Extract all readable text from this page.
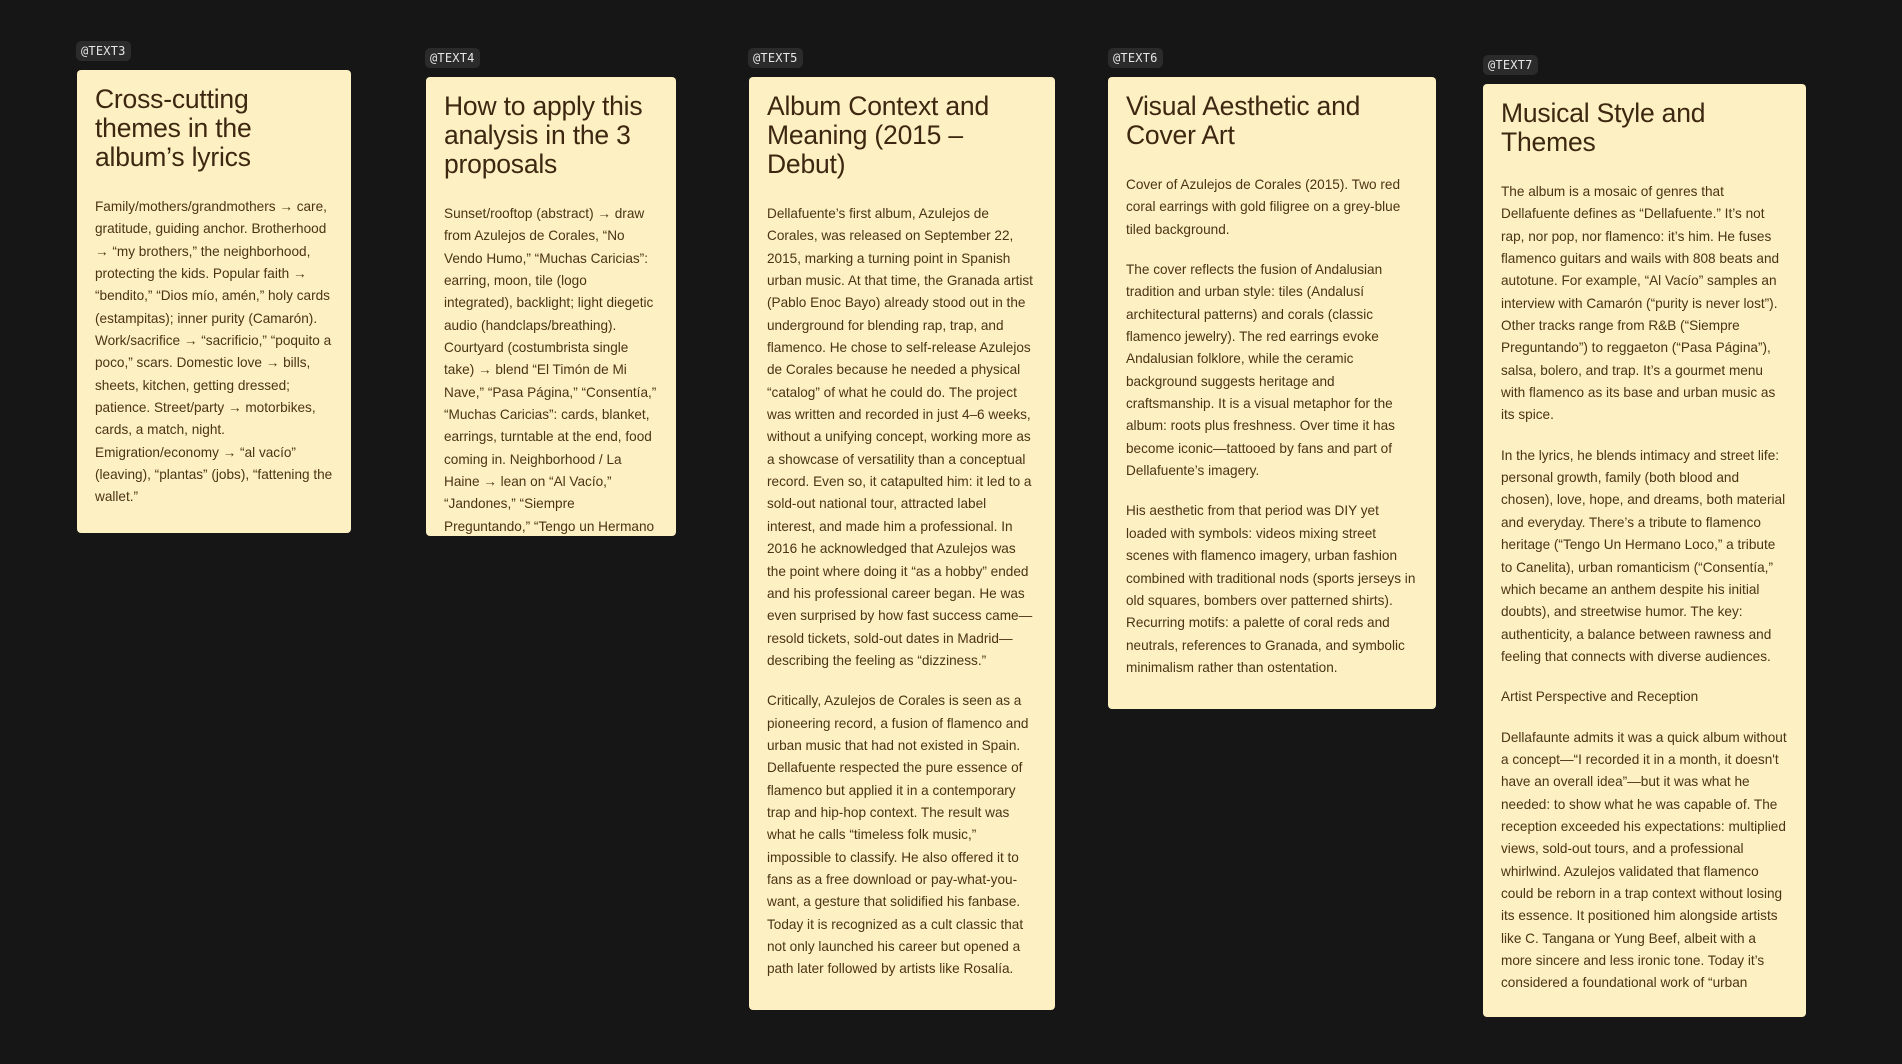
@TEXT3
Cross-cutting themes in the album’s lyrics

Family/mothers/grandmothers → care, gratitude, guiding anchor. Brotherhood → “my brothers,” the neighborhood, protecting the kids. Popular faith → “bendito,” “Dios mío, amén,” holy cards (estampitas); inner purity (Camarón). Work/sacrifice → “sacrificio,” “poquito a poco,” scars. Domestic love → bills, sheets, kitchen, getting dressed; patience. Street/party → motorbikes, cards, a match, night. Emigration/economy → “al vacío” (leaving), “plantas” (jobs), “fattening the wallet.”

@TEXT4
How to apply this analysis in the 3 proposals

Sunset/rooftop (abstract) → draw from Azulejos de Corales, “No Vendo Humo,” “Muchas Caricias”: earring, moon, tile (logo integrated), backlight; light diegetic audio (handclaps/breathing). Courtyard (costumbrista single take) → blend “El Timón de Mi Nave,” “Pasa Página,” “Consentía,” “Muchas Caricias”: cards, blanket, earrings, turntable at the end, food coming in. Neighborhood / La Haine → lean on “Al Vacío,” “Jandones,” “Siempre Preguntando,” “Tengo un Hermano

@TEXT5
Album Context and Meaning (2015 – Debut)

Dellafuente’s first album, Azulejos de Corales, was released on September 22, 2015, marking a turning point in Spanish urban music. At that time, the Granada artist (Pablo Enoc Bayo) already stood out in the underground for blending rap, trap, and flamenco. He chose to self-release Azulejos de Corales because he needed a physical “catalog” of what he could do. The project was written and recorded in just 4–6 weeks, without a unifying concept, working more as a showcase of versatility than a conceptual record. Even so, it catapulted him: it led to a sold-out national tour, attracted label interest, and made him a professional. In 2016 he acknowledged that Azulejos was the point where doing it “as a hobby” ended and his professional career began. He was even surprised by how fast success came—resold tickets, sold-out dates in Madrid—describing the feeling as “dizziness.”

Critically, Azulejos de Corales is seen as a pioneering record, a fusion of flamenco and urban music that had not existed in Spain. Dellafuente respected the pure essence of flamenco but applied it in a contemporary trap and hip-hop context. The result was what he calls “timeless folk music,” impossible to classify. He also offered it to fans as a free download or pay-what-you-want, a gesture that solidified his fanbase. Today it is recognized as a cult classic that not only launched his career but opened a path later followed by artists like Rosalía.

@TEXT6
Visual Aesthetic and Cover Art

Cover of Azulejos de Corales (2015). Two red coral earrings with gold filigree on a grey-blue tiled background.

The cover reflects the fusion of Andalusian tradition and urban style: tiles (Andalusí architectural patterns) and corals (classic flamenco jewelry). The red earrings evoke Andalusian folklore, while the ceramic background suggests heritage and craftsmanship. It is a visual metaphor for the album: roots plus freshness. Over time it has become iconic—tattooed by fans and part of Dellafuente’s imagery.

His aesthetic from that period was DIY yet loaded with symbols: videos mixing street scenes with flamenco imagery, urban fashion combined with traditional nods (sports jerseys in old squares, bombers over patterned shirts). Recurring motifs: a palette of coral reds and neutrals, references to Granada, and symbolic minimalism rather than ostentation.

@TEXT7
Musical Style and Themes

The album is a mosaic of genres that Dellafuente defines as “Dellafuente.” It’s not rap, nor pop, nor flamenco: it’s him. He fuses flamenco guitars and wails with 808 beats and autotune. For example, “Al Vacío” samples an interview with Camarón (“purity is never lost”). Other tracks range from R&B (“Siempre Preguntando”) to reggaeton (“Pasa Página”), salsa, bolero, and trap. It’s a gourmet menu with flamenco as its base and urban music as its spice.

In the lyrics, he blends intimacy and street life: personal growth, family (both blood and chosen), love, hope, and dreams, both material and everyday. There’s a tribute to flamenco heritage (“Tengo Un Hermano Loco,” a tribute to Canelita), urban romanticism (“Consentía,” which became an anthem despite his initial doubts), and streetwise humor. The key: authenticity, a balance between rawness and feeling that connects with diverse audiences.

Artist Perspective and Reception

Dellafaunte admits it was a quick album without a concept—“I recorded it in a month, it doesn't have an overall idea”—but it was what he needed: to show what he was capable of. The reception exceeded his expectations: multiplied views, sold-out tours, and a professional whirlwind. Azulejos validated that flamenco could be reborn in a trap context without losing its essence. It positioned him alongside artists like C. Tangana or Yung Beef, albeit with a more sincere and less ironic tone. Today it’s considered a foundational work of “urban
